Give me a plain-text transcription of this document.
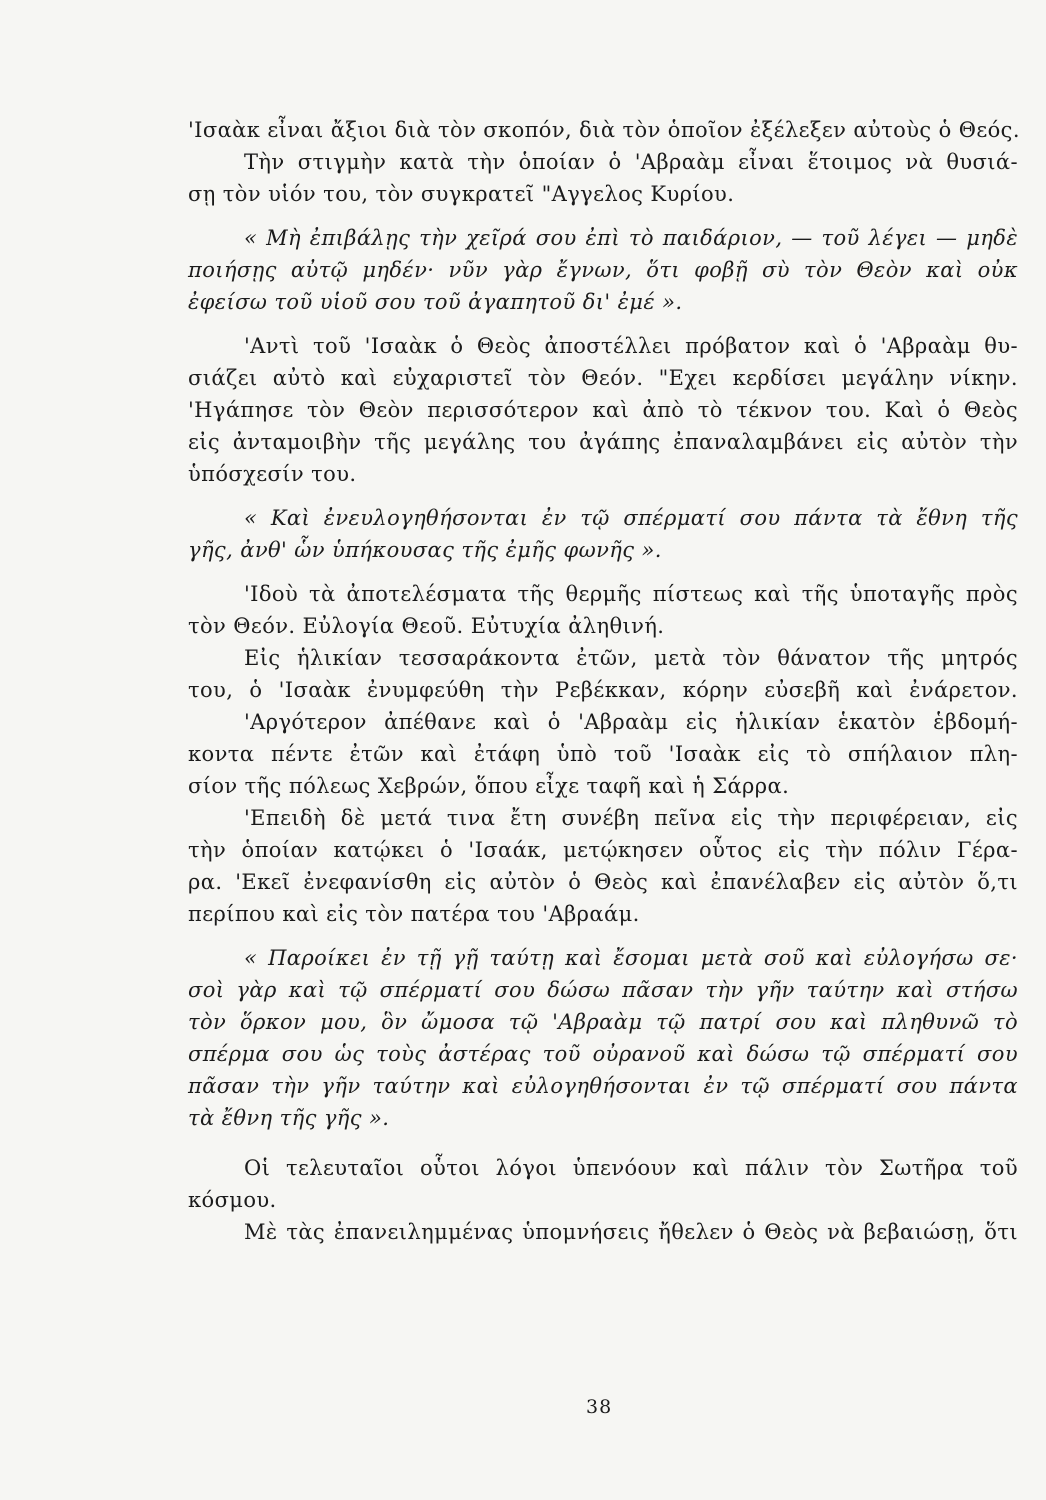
'Ισαὰκ εἶναι ἄξιοι διὰ τὸν σκοπόν, διὰ τὸν ὁποῖον ἐξέλεξεν αὐτοὺς ὁ Θεός.
Τὴν στιγμὴν κατὰ τὴν ὁποίαν ὁ 'Αβραὰμ εἶναι ἕτοιμος νὰ θυσιά-
σῃ τὸν υἱόν του, τὸν συγκρατεῖ "Αγγελος Κυρίου.
« Μὴ ἐπιβάλῃς τὴν χεῖρά σου ἐπὶ τὸ παιδάριον, — τοῦ λέγει — μηδὲ
ποιήσῃς αὐτῷ μηδέν· νῦν γὰρ ἔγνων, ὅτι φοβῇ σὺ τὸν Θεὸν καὶ οὐκ
ἐφείσω τοῦ υἱοῦ σου τοῦ ἀγαπητοῦ δι' ἐμέ ».
'Αντὶ τοῦ 'Ισαὰκ ὁ Θεὸς ἀποστέλλει πρόβατον καὶ ὁ 'Αβραὰμ θυ-
σιάζει αὐτὸ καὶ εὐχαριστεῖ τὸν Θεόν. "Εχει κερδίσει μεγάλην νίκην.
'Ηγάπησε τὸν Θεὸν περισσότερον καὶ ἀπὸ τὸ τέκνον του. Καὶ ὁ Θεὸς
εἰς ἀνταμοιβὴν τῆς μεγάλης του ἀγάπης ἐπαναλαμβάνει εἰς αὐτὸν τὴν
ὑπόσχεσίν του.
« Καὶ ἐνευλογηθήσονται ἐν τῷ σπέρματί σου πάντα τὰ ἔθνη τῆς
γῆς, ἀνθ' ὧν ὑπήκουσας τῆς ἐμῆς φωνῆς ».
'Ιδοὺ τὰ ἀποτελέσματα τῆς θερμῆς πίστεως καὶ τῆς ὑποταγῆς πρὸς
τὸν Θεόν. Εὐλογία Θεοῦ. Εὐτυχία ἀληθινή.
Εἰς ἡλικίαν τεσσαράκοντα ἐτῶν, μετὰ τὸν θάνατον τῆς μητρός
του, ὁ 'Ισαὰκ ἐνυμφεύθη τὴν Ρεβέκκαν, κόρην εὐσεβῆ καὶ ἐνάρετον.
'Αργότερον ἀπέθανε καὶ ὁ 'Αβραὰμ εἰς ἡλικίαν ἑκατὸν ἑβδομή-
κοντα πέντε ἐτῶν καὶ ἐτάφη ὑπὸ τοῦ 'Ισαὰκ εἰς τὸ σπήλαιον πλη-
σίον τῆς πόλεως Χεβρών, ὅπου εἶχε ταφῆ καὶ ἡ Σάρρα.
'Επειδὴ δὲ μετά τινα ἔτη συνέβη πεῖνα εἰς τὴν περιφέρειαν, εἰς
τὴν ὁποίαν κατῴκει ὁ 'Ισαάκ, μετῴκησεν οὗτος εἰς τὴν πόλιν Γέρα-
ρα. 'Εκεῖ ἐνεφανίσθη εἰς αὐτὸν ὁ Θεὸς καὶ ἐπανέλαβεν εἰς αὐτὸν ὅ,τι
περίπου καὶ εἰς τὸν πατέρα του 'Αβραάμ.
« Παροίκει ἐν τῇ γῇ ταύτῃ καὶ ἔσομαι μετὰ σοῦ καὶ εὐλογήσω σε·
σοὶ γὰρ καὶ τῷ σπέρματί σου δώσω πᾶσαν τὴν γῆν ταύτην καὶ στήσω
τὸν ὅρκον μου, ὃν ὤμοσα τῷ 'Αβραὰμ τῷ πατρί σου καὶ πληθυνῶ τὸ
σπέρμα σου ὡς τοὺς ἀστέρας τοῦ οὐρανοῦ καὶ δώσω τῷ σπέρματί σου
πᾶσαν τὴν γῆν ταύτην καὶ εὐλογηθήσονται ἐν τῷ σπέρματί σου πάντα
τὰ ἔθνη τῆς γῆς ».
Οἱ τελευταῖοι οὗτοι λόγοι ὑπενόουν καὶ πάλιν τὸν Σωτῆρα τοῦ
κόσμου.
Μὲ τὰς ἐπανειλημμένας ὑπομνήσεις ἤθελεν ὁ Θεὸς νὰ βεβαιώσῃ, ὅτι
38
